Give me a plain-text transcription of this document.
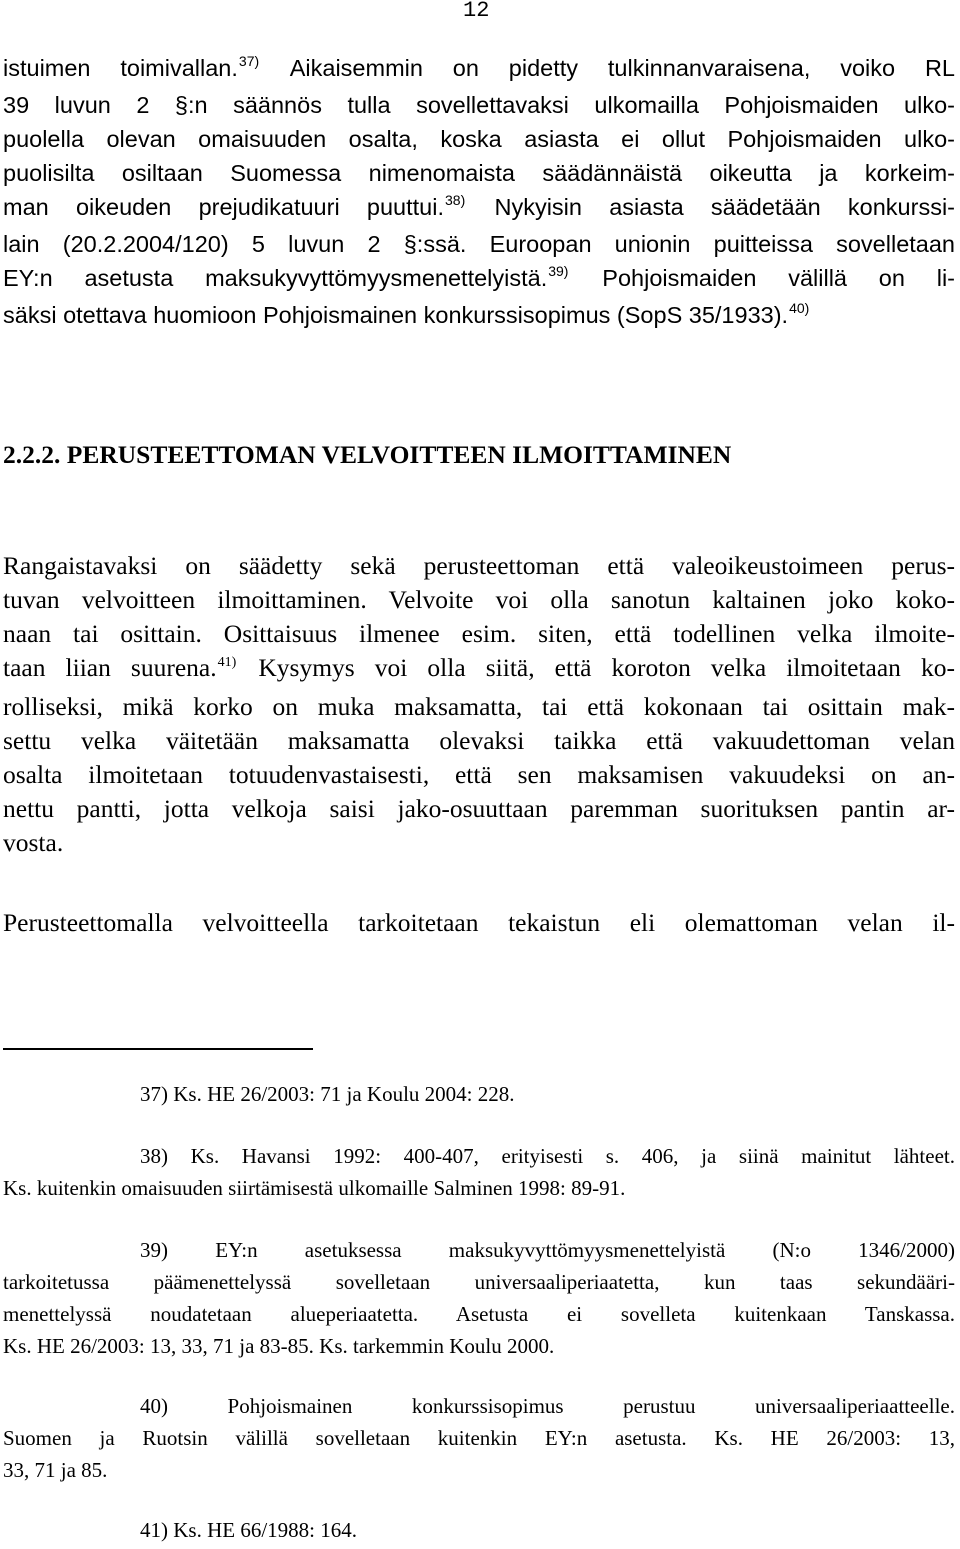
12
istuimen toimivallan.$^{37)}$ Aikaisemmin on pidetty tulkinnanvaraisena, voiko RL
39 luvun 2 §:n säännös tulla sovellettavaksi ulkomailla Pohjoismaiden ulko-
puolella olevan omaisuuden osalta, koska asiasta ei ollut Pohjoismaiden ulko-
puolisilta osiltaan Suomessa nimenomaista säädännäistä oikeutta ja korkeim-
man oikeuden prejudikatuuri puuttui.$^{38)}$ Nykyisin asiasta säädetään konkurssi-
lain (20.2.2004/120) 5 luvun 2 §:ssä. Euroopan unionin puitteissa sovelletaan
EY:n asetusta maksukyvyttömyysmenettelyistä.$^{39)}$ Pohjoismaiden välillä on li-
säksi otettava huomioon Pohjoismainen konkurssisopimus (SopS 35/1933).$^{40)}$
2.2.2. PERUSTEETTOMAN VELVOITTEEN ILMOITTAMINEN
Rangaistavaksi on säädetty sekä perusteettoman että valeoikeustoimeen perus-
tuvan velvoitteen ilmoittaminen. Velvoite voi olla sanotun kaltainen joko koko-
naan tai osittain. Osittaisuus ilmenee esim. siten, että todellinen velka ilmoite-
taan liian suurena.$^{41)}$ Kysymys voi olla siitä, että koroton velka ilmoitetaan ko-
rolliseksi, mikä korko on muka maksamatta, tai että kokonaan tai osittain mak-
settu velka väitetään maksamatta olevaksi taikka että vakuudettoman velan
osalta ilmoitetaan totuudenvastaisesti, että sen maksamisen vakuudeksi on an-
nettu pantti, jotta velkoja saisi jako-osuuttaan paremman suorituksen pantin ar-
vosta.
Perusteettomalla velvoitteella tarkoitetaan tekaistun eli olemattoman velan il-
37) Ks. HE 26/2003: 71 ja Koulu 2004: 228.
38) Ks. Havansi 1992: 400-407, erityisesti s. 406, ja siinä mainitut lähteet.
Ks. kuitenkin omaisuuden siirtämisestä ulkomaille Salminen 1998: 89-91.
39) EY:n asetuksessa maksukyvyttömyysmenettelyistä (N:o 1346/2000)
tarkoitetussa päämenettelyssä sovelletaan universaaliperiaatetta, kun taas sekundääri-
menettelyssä noudatetaan alueperiaatetta. Asetusta ei sovelleta kuitenkaan Tanskassa.
Ks. HE 26/2003: 13, 33, 71 ja 83-85. Ks. tarkemmin Koulu 2000.
40) Pohjoismainen konkurssisopimus perustuu universaaliperiaatteelle.
Suomen ja Ruotsin välillä sovelletaan kuitenkin EY:n asetusta. Ks. HE 26/2003: 13,
33, 71 ja 85.
41) Ks. HE 66/1988: 164.
